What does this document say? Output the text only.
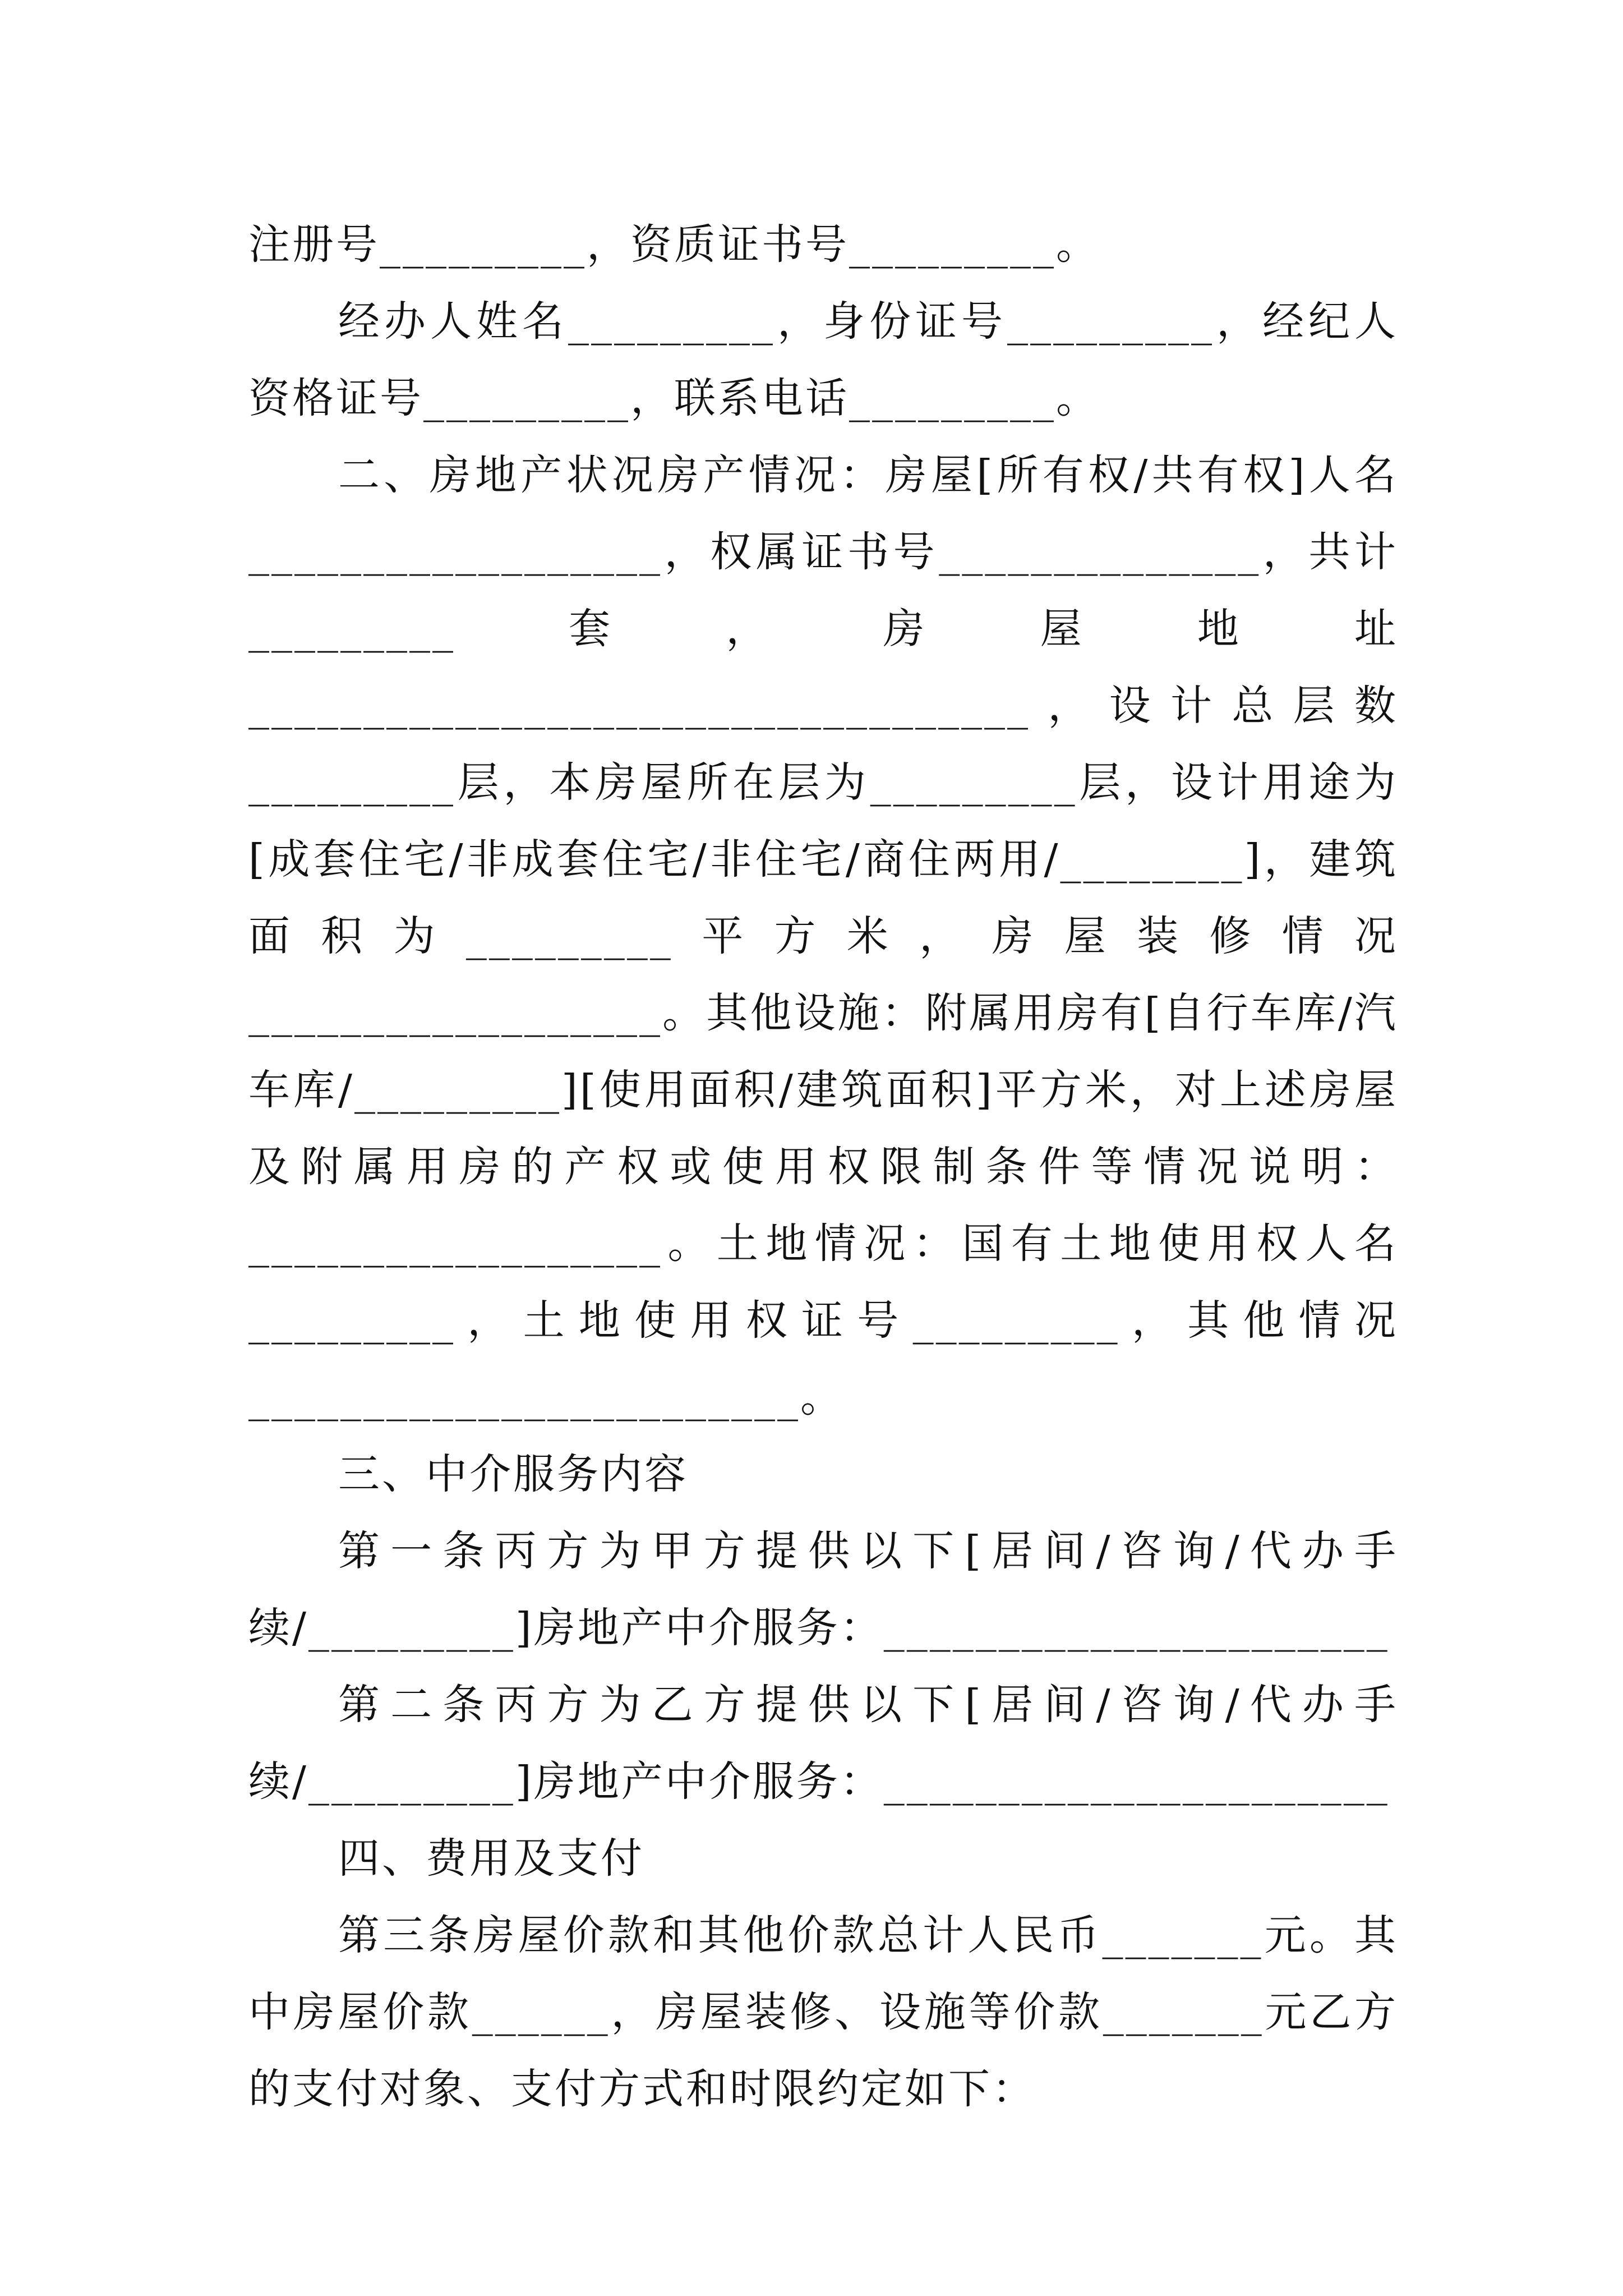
注册号_________，资质证书号_________。

经办人姓名_________，身份证号_________，经纪人资格证号_________，联系电话_________。

二、房地产状况房产情况：房屋[所有权/共有权]人名__________________，权属证书号______________，共计_________套，房屋地址__________________________________，设计总层数_________层，本房屋所在层为_________层，设计用途为[成套住宅/非成套住宅/非住宅/商住两用/________]，建筑面积为_________平方米，房屋装修情况__________________。其他设施：附属用房有[自行车库/汽车库/_________][使用面积/建筑面积]平方米，对上述房屋及附属用房的产权或使用权限制条件等情况说明：__________________。土地情况：国有土地使用权人名_________，土地使用权证号_________，其他情况________________________。

三、中介服务内容

第一条丙方为甲方提供以下[居间/咨询/代办手续/_________]房地产中介服务：______________________

第二条丙方为乙方提供以下[居间/咨询/代办手续/_________]房地产中介服务：______________________

四、费用及支付

第三条房屋价款和其他价款总计人民币_______元。其中房屋价款______，房屋装修、设施等价款_______元乙方的支付对象、支付方式和时限约定如下：
